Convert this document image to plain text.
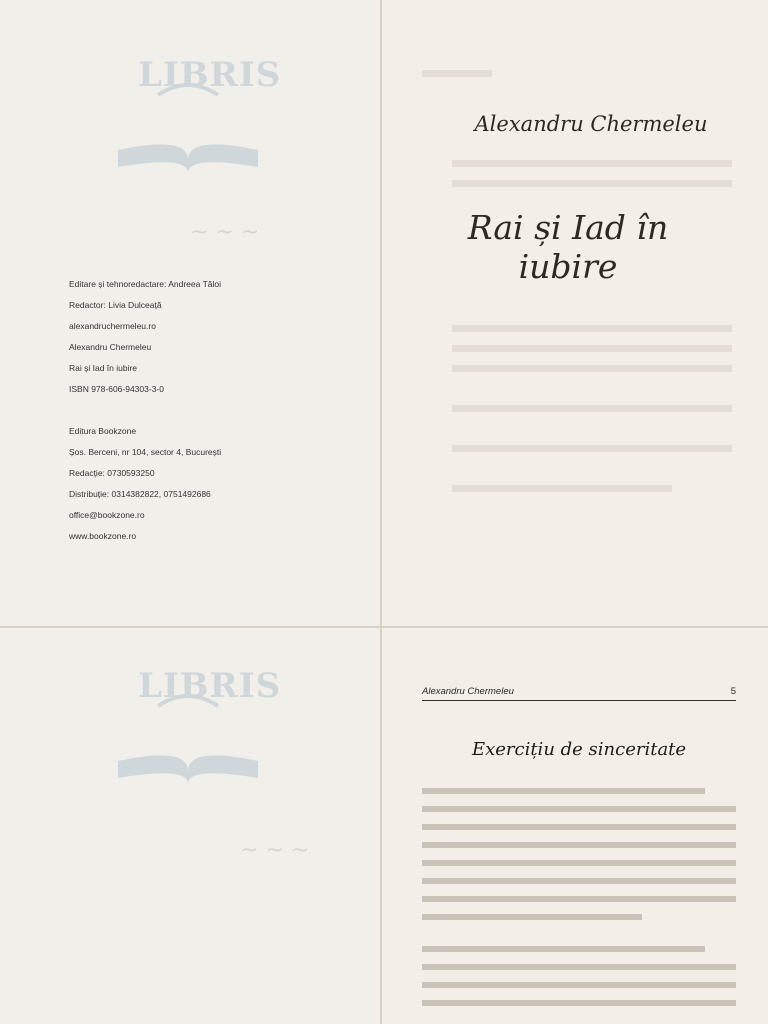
LIBRIS
~ ~ ~
Editare și tehnoredactare: Andreea Tăloi
Redactor: Livia Dulceață
alexandruchermeleu.ro
Alexandru Chermeleu
Rai și Iad în iubire
ISBN 978-606-94303-3-0
Editura Bookzone
Șos. Berceni, nr 104, sector 4, București
Redacție: 0730593250
Distribuție: 0314382822, 0751492686
office@bookzone.ro
www.bookzone.ro
Alexandru Chermeleu
Rai și Iad în iubire
LIBRIS
~ ~ ~
Alexandru Chermeleu	5
Exercițiu de sinceritate
